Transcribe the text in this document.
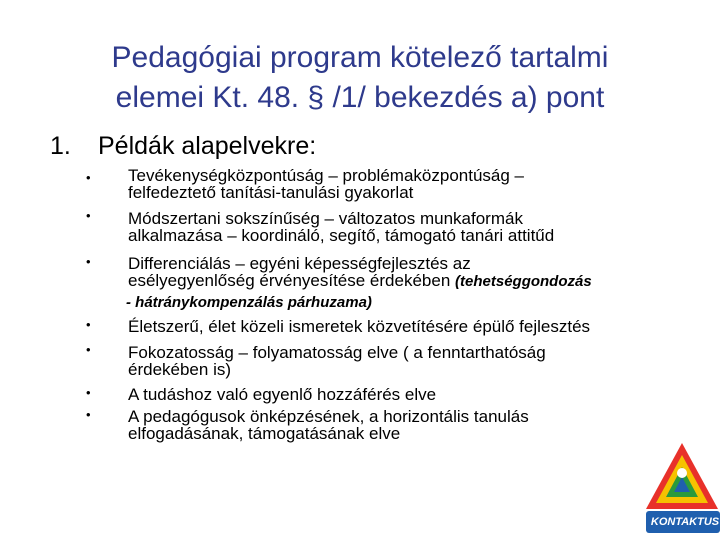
Pedagógiai program kötelező tartalmi
elemei Kt. 48. § /1/ bekezdés a) pont
1. Példák alapelvekre:
• Tevékenységközpontúság – problémaközpontúság –
felfedeztető tanítási-tanulási gyakorlat
• Módszertani sokszínűség – változatos munkaformák
alkalmazása – koordináló, segítő, támogató tanári attitűd
• Differenciálás – egyéni képességfejlesztés az
esélyegyenlőség érvényesítése érdekében (tehetséggondozás
- hátránykompenzálás párhuzama)
• Életszerű, élet közeli ismeretek közvetítésére épülő fejlesztés
• Fokozatosság – folyamatosság elve ( a fenntarthatóság
érdekében is)
• A tudáshoz való egyenlő hozzáférés elve
• A pedagógusok önképzésének, a horizontális tanulás
elfogadásának, támogatásának elve
KONTAKTUS
